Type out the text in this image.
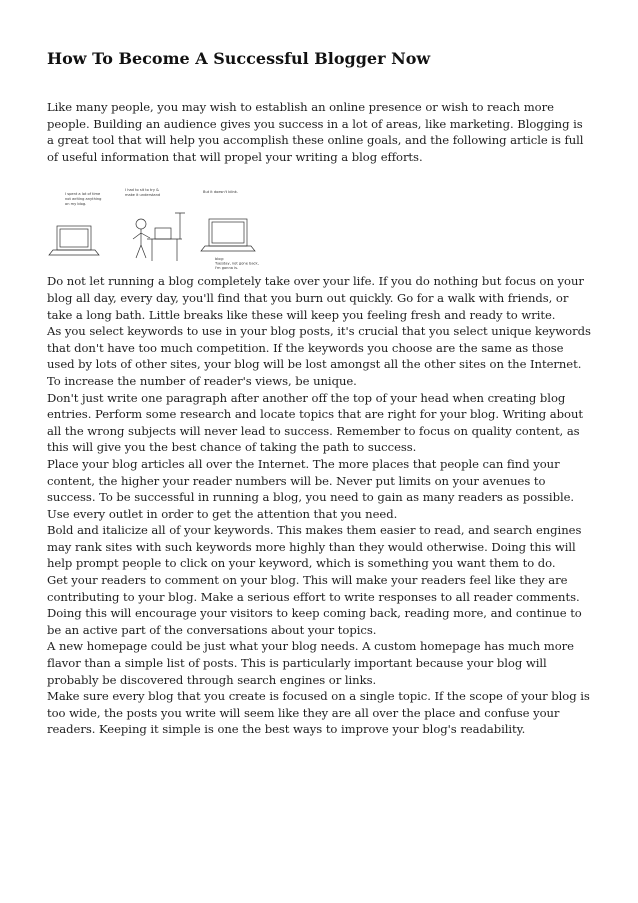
How To Become A Successful Blogger Now

Like many people, you may wish to establish an online presence or wish to reach more people. Building an audience gives you success in a lot of areas, like marketing. Blogging is a great tool that will help you accomplish these online goals, and the following article is full of useful information that will propel your writing a blog efforts.

I spent a lot of time not writing anything on my blog.
I had to sit to try & make it understand
But it doesn't blink.
blog: Tuesday, not gone back, I'm gonna is.

Do not let running a blog completely take over your life. If you do nothing but focus on your blog all day, every day, you'll find that you burn out quickly. Go for a walk with friends, or take a long bath. Little breaks like these will keep you feeling fresh and ready to write.

As you select keywords to use in your blog posts, it's crucial that you select unique keywords that don't have too much competition. If the keywords you choose are the same as those used by lots of other sites, your blog will be lost amongst all the other sites on the Internet. To increase the number of reader's views, be unique.

Don't just write one paragraph after another off the top of your head when creating blog entries. Perform some research and locate topics that are right for your blog. Writing about all the wrong subjects will never lead to success. Remember to focus on quality content, as this will give you the best chance of taking the path to success.

Place your blog articles all over the Internet. The more places that people can find your content, the higher your reader numbers will be. Never put limits on your avenues to success. To be successful in running a blog, you need to gain as many readers as possible. Use every outlet in order to get the attention that you need.

Bold and italicize all of your keywords. This makes them easier to read, and search engines may rank sites with such keywords more highly than they would otherwise. Doing this will help prompt people to click on your keyword, which is something you want them to do.

Get your readers to comment on your blog. This will make your readers feel like they are contributing to your blog. Make a serious effort to write responses to all reader comments. Doing this will encourage your visitors to keep coming back, reading more, and continue to be an active part of the conversations about your topics.

A new homepage could be just what your blog needs. A custom homepage has much more flavor than a simple list of posts. This is particularly important because your blog will probably be discovered through search engines or links.

Make sure every blog that you create is focused on a single topic. If the scope of your blog is too wide, the posts you write will seem like they are all over the place and confuse your readers. Keeping it simple is one the best ways to improve your blog's readability.
